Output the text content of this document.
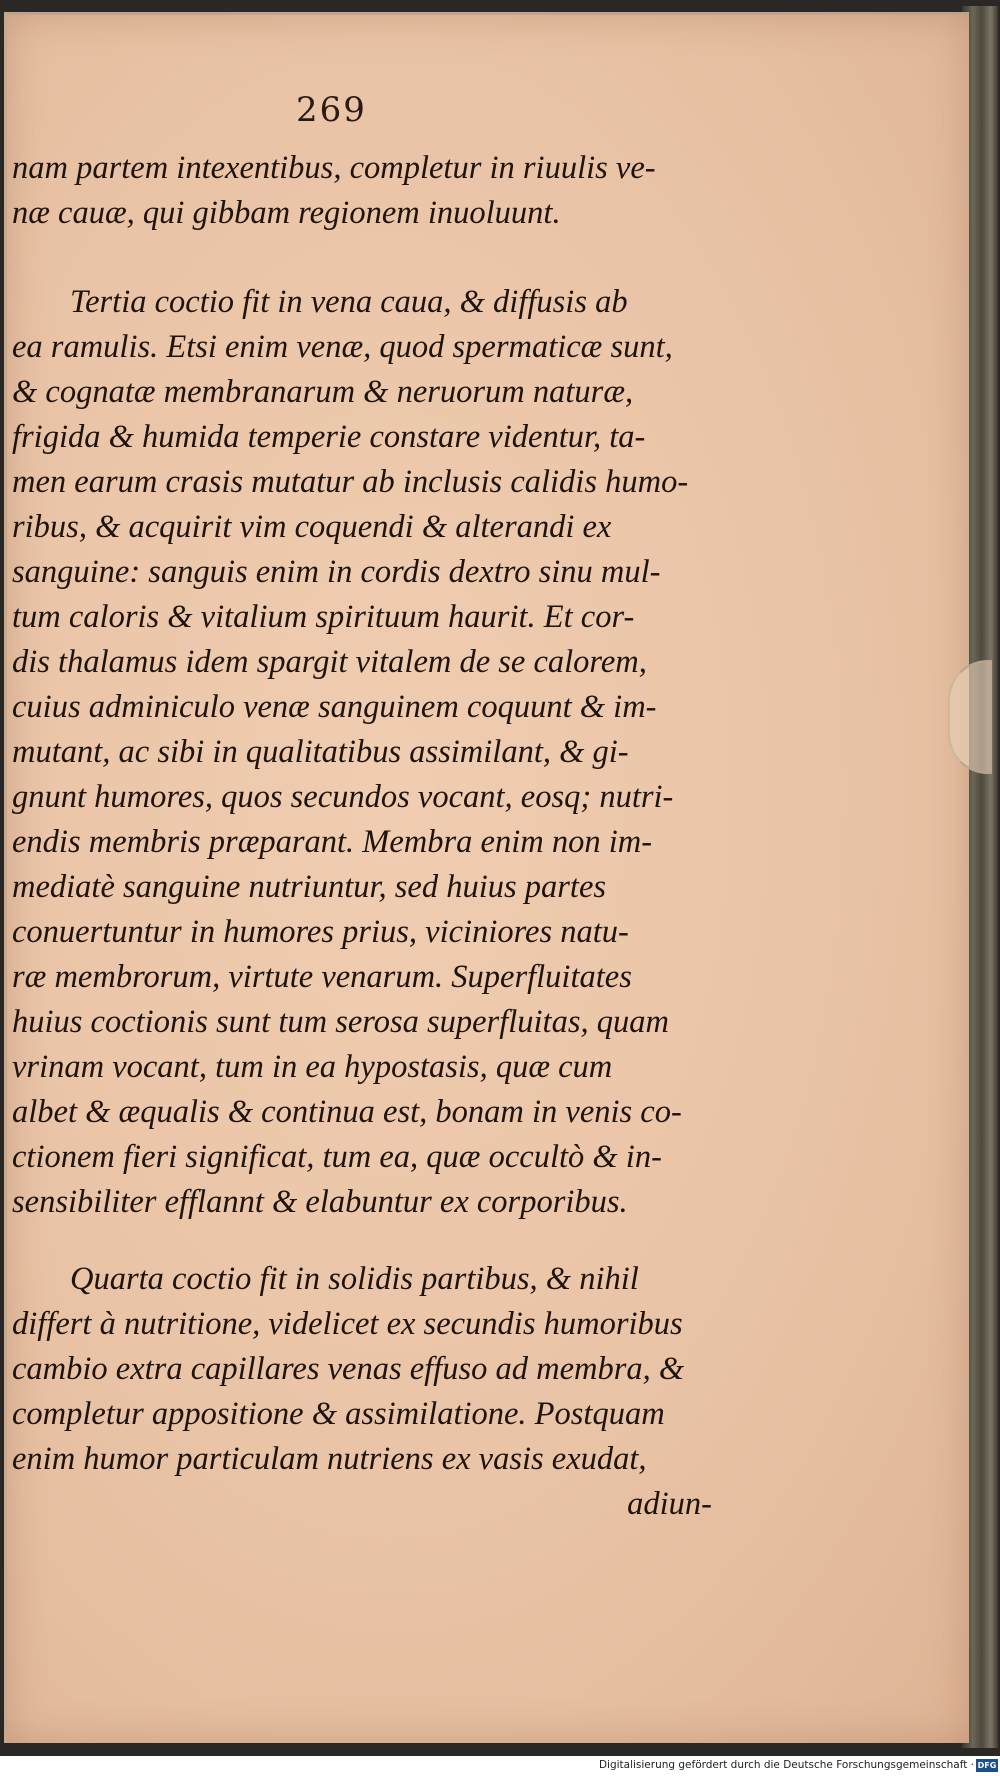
269
nam partem intexentibus, completur in riuulis ve-
næ cauæ, qui gibbam regionem inuoluunt.
Tertia coctio fit in vena caua, & diffusis ab
ea ramulis. Etsi enim venæ, quod spermaticæ sunt,
& cognatæ membranarum & neruorum naturæ,
frigida & humida temperie constare videntur, ta-
men earum crasis mutatur ab inclusis calidis humo-
ribus, & acquirit vim coquendi & alterandi ex
sanguine: sanguis enim in cordis dextro sinu mul-
tum caloris & vitalium spirituum haurit. Et cor-
dis thalamus idem spargit vitalem de se calorem,
cuius adminiculo venæ sanguinem coquunt & im-
mutant, ac sibi in qualitatibus assimilant, & gi-
gnunt humores, quos secundos vocant, eosq; nutri-
endis membris præparant. Membra enim non im-
mediatè sanguine nutriuntur, sed huius partes
conuertuntur in humores prius, viciniores natu-
ræ membrorum, virtute venarum. Superfluitates
huius coctionis sunt tum serosa superfluitas, quam
vrinam vocant, tum in ea hypostasis, quæ cum
albet & æqualis & continua est, bonam in venis co-
ctionem fieri significat, tum ea, quæ occultò & in-
sensibiliter efflannt & elabuntur ex corporibus.
Quarta coctio fit in solidis partibus, & nihil
differt à nutritione, videlicet ex secundis humoribus
cambio extra capillares venas effuso ad membra, &
completur appositione & assimilatione. Postquam
enim humor particulam nutriens ex vasis exudat,
adiun-
Digitalisierung gefördert durch die Deutsche Forschungsgemeinschaft · DFG
